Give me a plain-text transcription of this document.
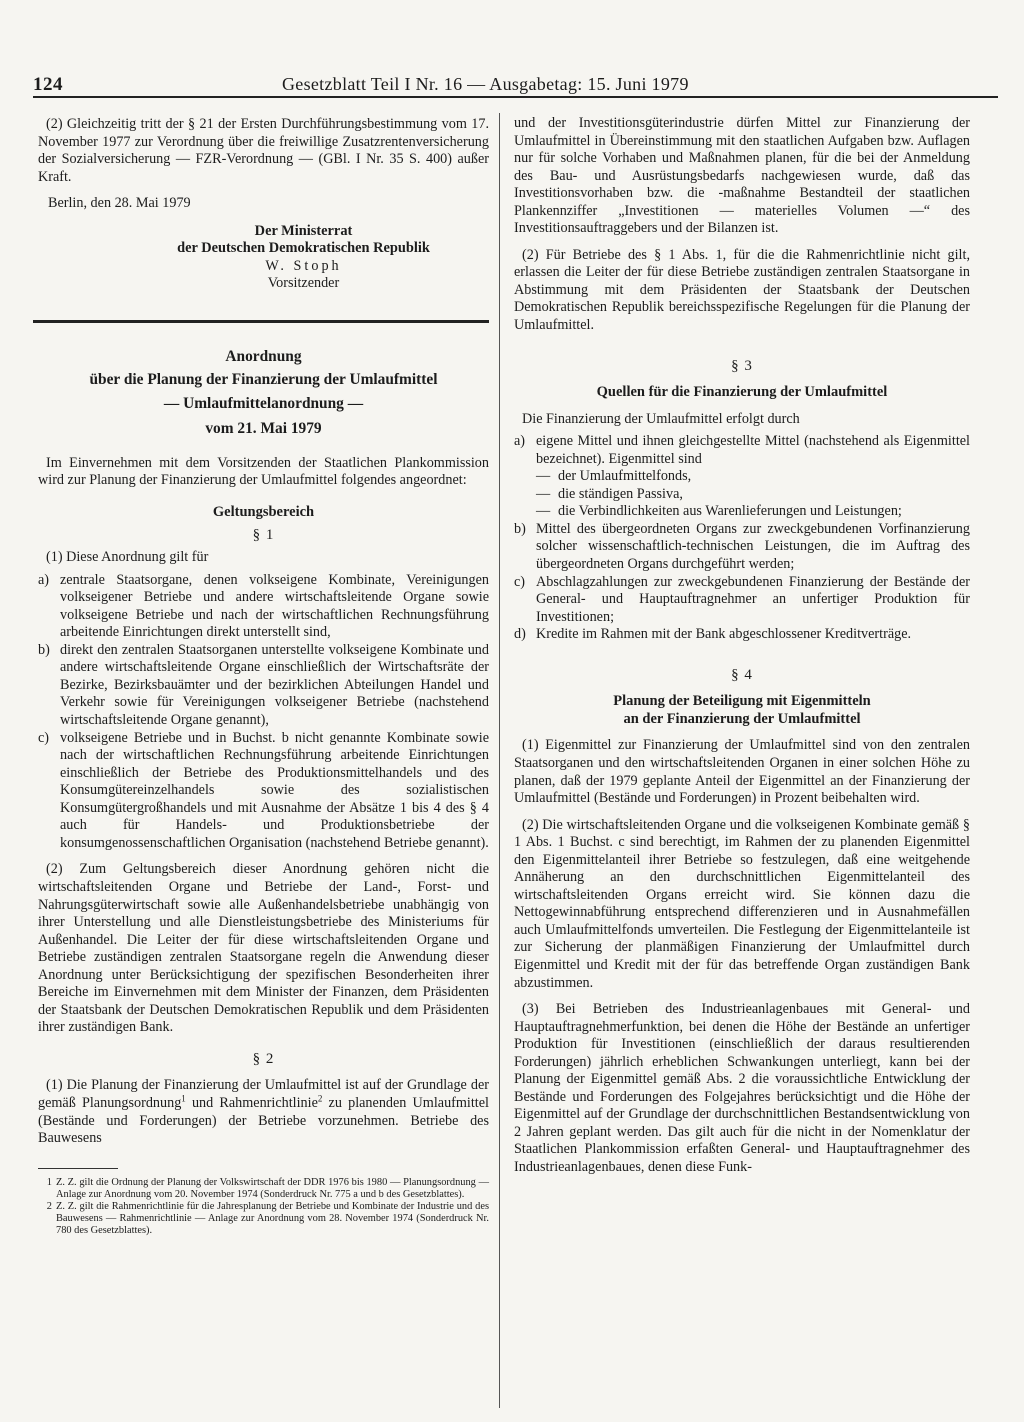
124	Gesetzblatt Teil I Nr. 16 — Ausgabetag: 15. Juni 1979

(2) Gleichzeitig tritt der § 21 der Ersten Durchführungsbestimmung vom 17. November 1977 zur Verordnung über die freiwillige Zusatzrentenversicherung der Sozialversicherung — FZR-Verordnung — (GBl. I Nr. 35 S. 400) außer Kraft.

Berlin, den 28. Mai 1979

Der Ministerrat

der Deutschen Demokratischen Republik

W. Stoph

Vorsitzender

Anordnung

über die Planung der Finanzierung der Umlaufmittel

— Umlaufmittelanordnung —

vom 21. Mai 1979

Im Einvernehmen mit dem Vorsitzenden der Staatlichen Plankommission wird zur Planung der Finanzierung der Umlaufmittel folgendes angeordnet:

Geltungsbereich

§ 1

(1) Diese Anordnung gilt für

a) zentrale Staatsorgane, denen volkseigene Kombinate, Vereinigungen volkseigener Betriebe und andere wirtschaftsleitende Organe sowie volkseigene Betriebe und nach der wirtschaftlichen Rechnungsführung arbeitende Einrichtungen direkt unterstellt sind,
b) direkt den zentralen Staatsorganen unterstellte volkseigene Kombinate und andere wirtschaftsleitende Organe einschließlich der Wirtschaftsräte der Bezirke, Bezirksbauämter und der bezirklichen Abteilungen Handel und Verkehr sowie für Vereinigungen volkseigener Betriebe (nachstehend wirtschaftsleitende Organe genannt),
c) volkseigene Betriebe und in Buchst. b nicht genannte Kombinate sowie nach der wirtschaftlichen Rechnungsführung arbeitende Einrichtungen einschließlich der Betriebe des Produktionsmittelhandels und des Konsumgütereinzelhandels sowie des sozialistischen Konsumgütergroßhandels und mit Ausnahme der Absätze 1 bis 4 des § 4 auch für Handels- und Produktionsbetriebe der konsumgenossenschaftlichen Organisation (nachstehend Betriebe genannt).

(2) Zum Geltungsbereich dieser Anordnung gehören nicht die wirtschaftsleitenden Organe und Betriebe der Land-, Forst- und Nahrungsgüterwirtschaft sowie alle Außenhandelsbetriebe unabhängig von ihrer Unterstellung und alle Dienstleistungsbetriebe des Ministeriums für Außenhandel. Die Leiter der für diese wirtschaftsleitenden Organe und Betriebe zuständigen zentralen Staatsorgane regeln die Anwendung dieser Anordnung unter Berücksichtigung der spezifischen Besonderheiten ihrer Bereiche im Einvernehmen mit dem Minister der Finanzen, dem Präsidenten der Staatsbank der Deutschen Demokratischen Republik und dem Präsidenten ihrer zuständigen Bank.

§ 2

(1) Die Planung der Finanzierung der Umlaufmittel ist auf der Grundlage der gemäß Planungsordnung$^1$ und Rahmenrichtlinie$^2$ zu planenden Umlaufmittel (Bestände und Forderungen) der Betriebe vorzunehmen. Betriebe des Bauwesens

1 Z. Z. gilt die Ordnung der Planung der Volkswirtschaft der DDR 1976 bis 1980 — Planungsordnung — Anlage zur Anordnung vom 20. November 1974 (Sonderdruck Nr. 775 a und b des Gesetzblattes).
2 Z. Z. gilt die Rahmenrichtlinie für die Jahresplanung der Betriebe und Kombinate der Industrie und des Bauwesens — Rahmenrichtlinie — Anlage zur Anordnung vom 28. November 1974 (Sonderdruck Nr. 780 des Gesetzblattes).

und der Investitionsgüterindustrie dürfen Mittel zur Finanzierung der Umlaufmittel in Übereinstimmung mit den staatlichen Aufgaben bzw. Auflagen nur für solche Vorhaben und Maßnahmen planen, für die bei der Anmeldung des Bau- und Ausrüstungsbedarfs nachgewiesen wurde, daß das Investitionsvorhaben bzw. die -maßnahme Bestandteil der staatlichen Plankennziffer „Investitionen — materielles Volumen —“ des Investitionsauftraggebers und der Bilanzen ist.

(2) Für Betriebe des § 1 Abs. 1, für die die Rahmenrichtlinie nicht gilt, erlassen die Leiter der für diese Betriebe zuständigen zentralen Staatsorgane in Abstimmung mit dem Präsidenten der Staatsbank der Deutschen Demokratischen Republik bereichsspezifische Regelungen für die Planung der Umlaufmittel.

§ 3

Quellen für die Finanzierung der Umlaufmittel

Die Finanzierung der Umlaufmittel erfolgt durch

a) eigene Mittel und ihnen gleichgestellte Mittel (nachstehend als Eigenmittel bezeichnet). Eigenmittel sind
— der Umlaufmittelfonds,
— die ständigen Passiva,
— die Verbindlichkeiten aus Warenlieferungen und Leistungen;
b) Mittel des übergeordneten Organs zur zweckgebundenen Vorfinanzierung solcher wissenschaftlich-technischen Leistungen, die im Auftrag des übergeordneten Organs durchgeführt werden;
c) Abschlagzahlungen zur zweckgebundenen Finanzierung der Bestände der General- und Hauptauftragnehmer an unfertiger Produktion für Investitionen;
d) Kredite im Rahmen mit der Bank abgeschlossener Kreditverträge.

§ 4

Planung der Beteiligung mit Eigenmitteln

an der Finanzierung der Umlaufmittel

(1) Eigenmittel zur Finanzierung der Umlaufmittel sind von den zentralen Staatsorganen und den wirtschaftsleitenden Organen in einer solchen Höhe zu planen, daß der 1979 geplante Anteil der Eigenmittel an der Finanzierung der Umlaufmittel (Bestände und Forderungen) in Prozent beibehalten wird.

(2) Die wirtschaftsleitenden Organe und die volkseigenen Kombinate gemäß § 1 Abs. 1 Buchst. c sind berechtigt, im Rahmen der zu planenden Eigenmittel den Eigenmittelanteil ihrer Betriebe so festzulegen, daß eine weitgehende Annäherung an den durchschnittlichen Eigenmittelanteil des wirtschaftsleitenden Organs erreicht wird. Sie können dazu die Nettogewinnabführung entsprechend differenzieren und in Ausnahmefällen auch Umlaufmittelfonds umverteilen. Die Festlegung der Eigenmittelanteile ist zur Sicherung der planmäßigen Finanzierung der Umlaufmittel durch Eigenmittel und Kredit mit der für das betreffende Organ zuständigen Bank abzustimmen.

(3) Bei Betrieben des Industrieanlagenbaues mit General- und Hauptauftragnehmerfunktion, bei denen die Höhe der Bestände an unfertiger Produktion für Investitionen (einschließlich der daraus resultierenden Forderungen) jährlich erheblichen Schwankungen unterliegt, kann bei der Planung der Eigenmittel gemäß Abs. 2 die voraussichtliche Entwicklung der Bestände und Forderungen des Folgejahres berücksichtigt und die Höhe der Eigenmittel auf der Grundlage der durchschnittlichen Bestandsentwicklung von 2 Jahren geplant werden. Das gilt auch für die nicht in der Nomenklatur der Staatlichen Plankommission erfaßten General- und Hauptauftragnehmer des Industrieanlagenbaues, denen diese Funk-
